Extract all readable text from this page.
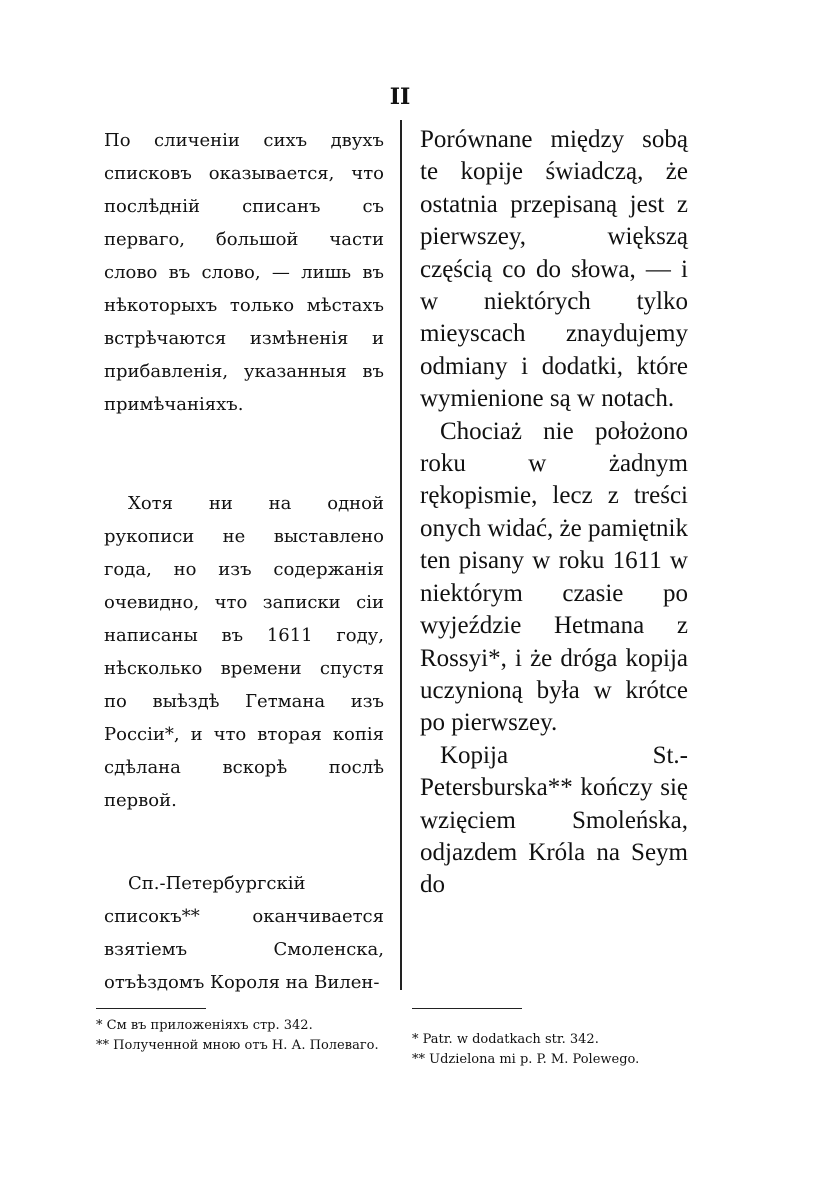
II

По сличенiи сихъ двухъ списковъ оказывается, что послѣднiй списанъ съ перваго, большой части слово въ слово, — лишь въ нѣкоторыхъ только мѣстахъ встрѣчаются измѣненiя и прибавленiя, указанныя въ примѣчанiяхъ.

Хотя ни на одной рукописи не выставлено года, но изъ содержанiя очевидно, что записки сiи написаны въ 1611 году, нѣсколько времени спустя по выѣздѣ Гетмана изъ Россiи*, и что вторая копiя сдѣлана вскорѣ послѣ первой.

Сп.-Петербургскiй списокъ** оканчивается взятiемъ Смоленска, отъѣздомъ Короля на Вилен-

Porównane między sobą te kopije świadczą, że ostatnia przepisaną jest z pierwszey, większą częścią co do słowa, — i w niektórych tylko mieyscach znaydujemy odmiany i dodatki, które wymienione są w notach.

Chociaż nie położono roku w żadnym rękopismie, lecz z treści onych widać, że pamiętnik ten pisany w roku 1611 w niektórym czasie po wyjeździe Hetmana z Rossyi*, i że dróga kopija uczynioną była w krótce po pierwszey.

Kopija St.-Petersburska** kończy się wzięciem Smoleńska, odjazdem Króla na Seym do

* См въ приложенiяхъ стр. 342.

** Полученной мною отъ Н. А. Полеваго.	* Patr. w dodatkach str. 342.

** Udzielona mi p. P. M. Polewego.
